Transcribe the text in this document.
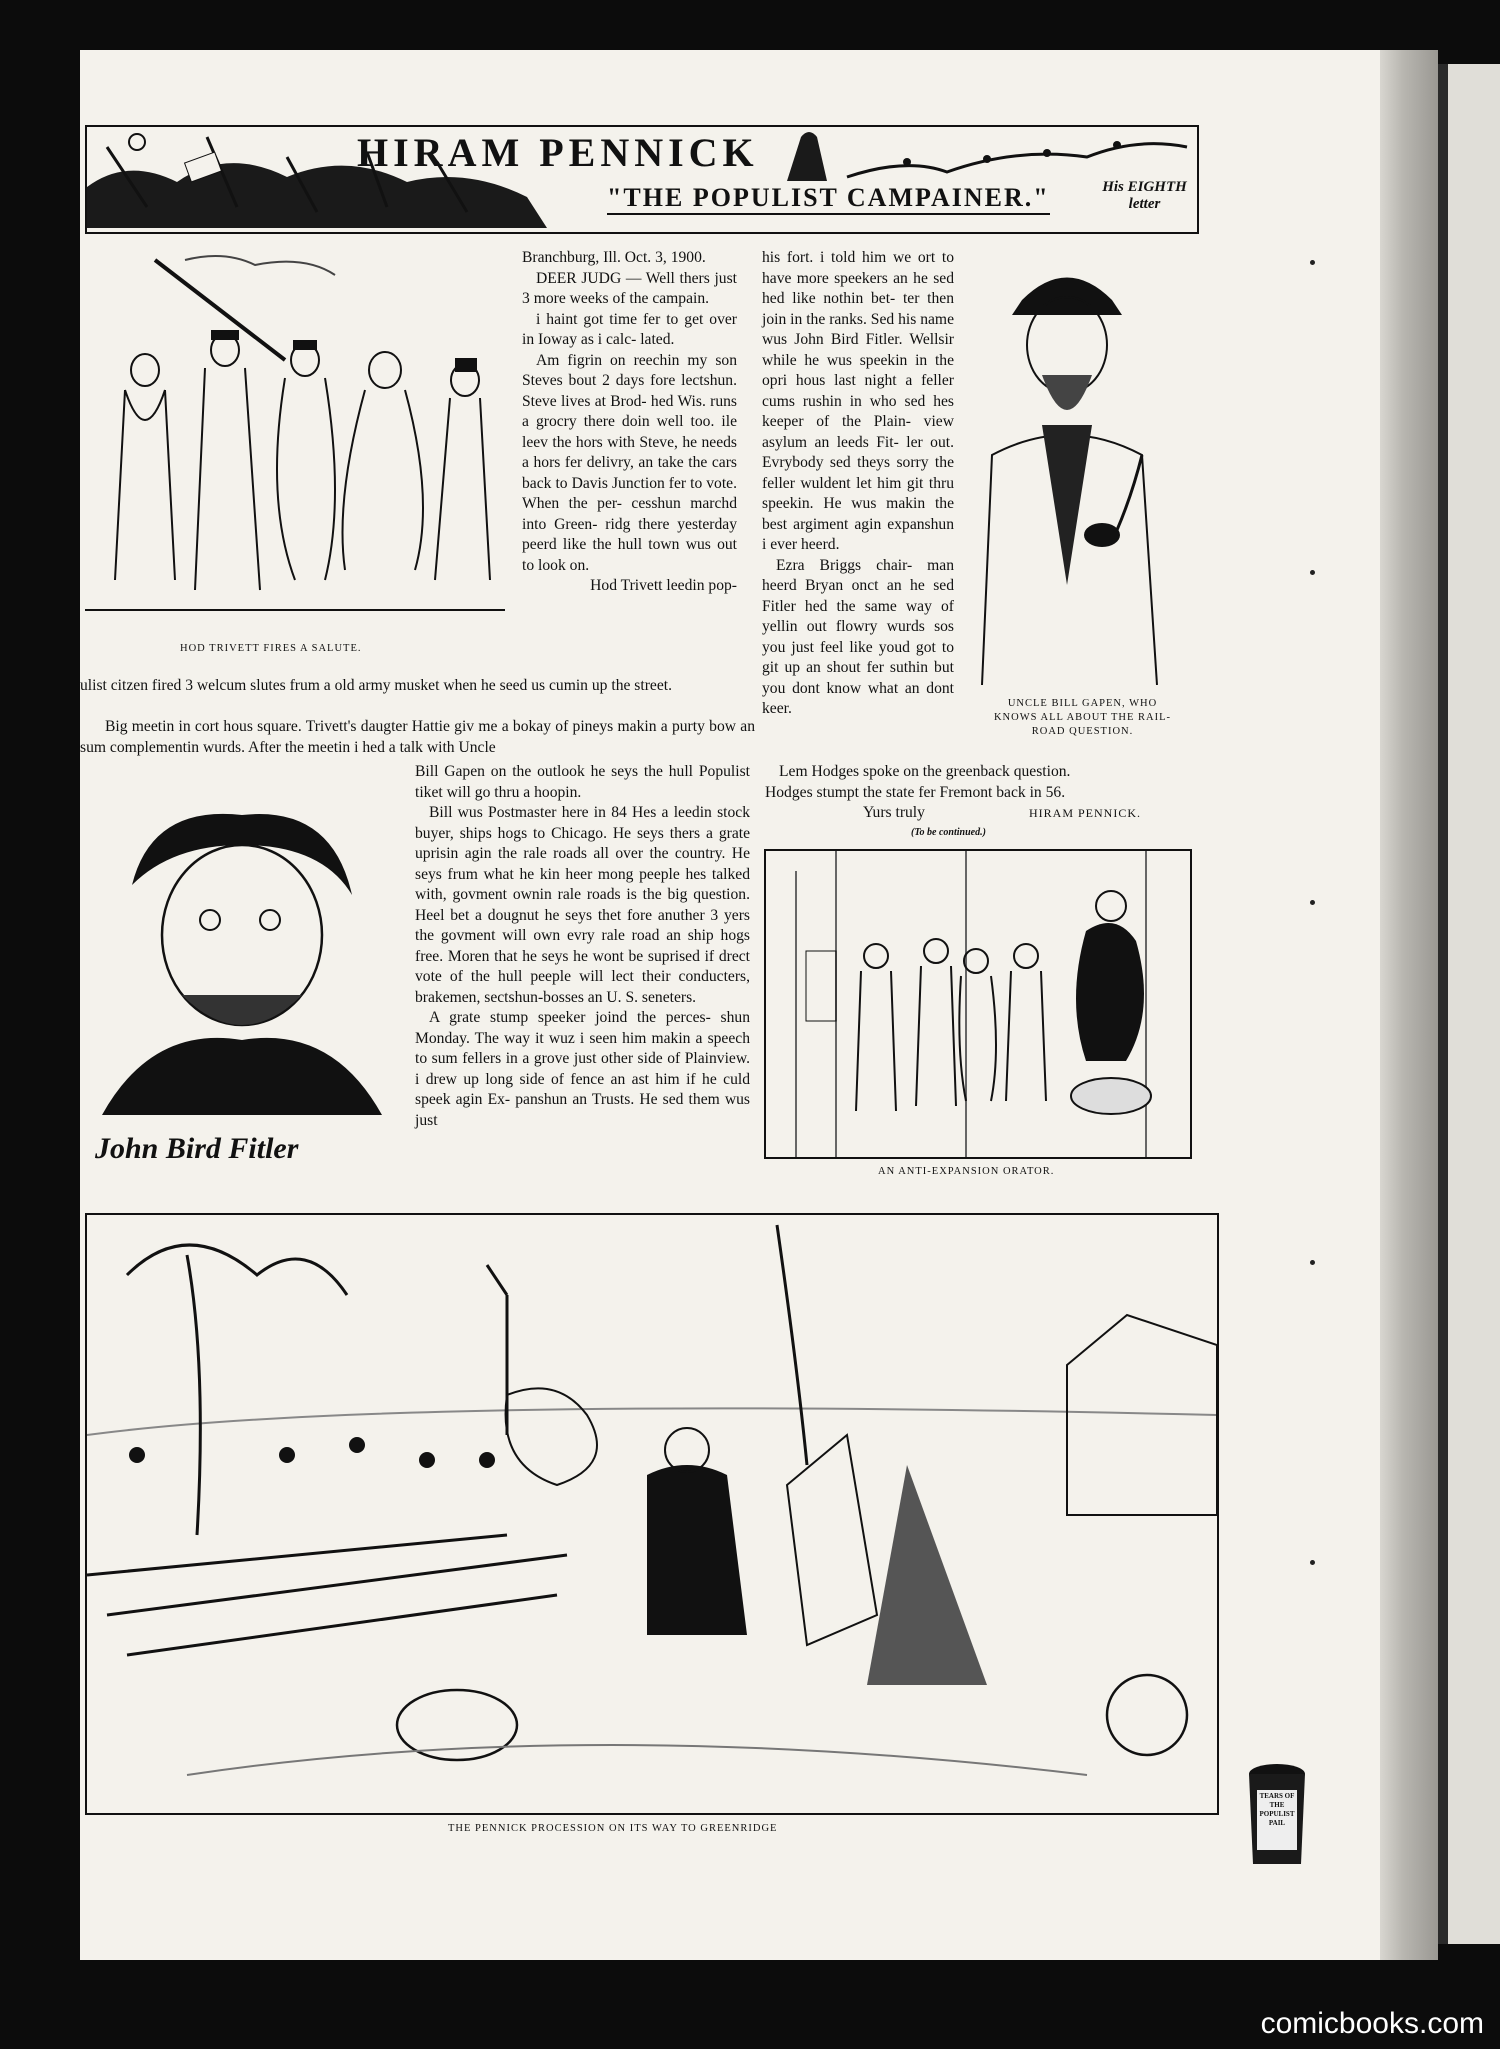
HIRAM PENNICK
"THE POPULIST CAMPAINER."	His EIGHTH letter
HOD TRIVETT FIRES A SALUTE.

Branchburg, Ill. Oct. 3, 1900.

DEER JUDG — Well thers just 3 more weeks of the campain.

i haint got time fer to get over in Ioway as i calc- lated.

Am figrin on reechin my son Steves bout 2 days fore lectshun. Steve lives at Brod- hed Wis. runs a grocry there doin well too. ile leev the hors with Steve, he needs a hors fer delivry, an take the cars back to Davis Junction fer to vote. When the per- cesshun marchd into Green- ridg there yesterday peerd like the hull town wus out to look on.

Hod Trivett leedin pop-

his fort. i told him we ort to have more speekers an he sed hed like nothin bet- ter then join in the ranks. Sed his name wus John Bird Fitler. Wellsir while he wus speekin in the opri hous last night a feller cums rushin in who sed hes keeper of the Plain- view asylum an leeds Fit- ler out. Evrybody sed theys sorry the feller wuldent let him git thru speekin. He wus makin the best argiment agin expanshun i ever heerd.

Ezra Briggs chair- man heerd Bryan onct an he sed Fitler hed the same way of yellin out flowry wurds sos you just feel like youd got to git up an shout fer suthin but you dont know what an dont keer.	UNCLE BILL GAPEN, WHO KNOWS ALL ABOUT THE RAIL- ROAD QUESTION.

ulist citzen fired 3 welcum slutes frum a old army musket when he seed us cumin up the street.

Big meetin in cort hous square. Trivett's daugter Hattie giv me a bokay of pineys makin a purty bow an sum complementin wurds. After the meetin i hed a talk with Uncle

Lem Hodges spoke on the greenback question.

Hodges stumpt the state fer Fremont back in 56.

Yurs truly	HIRAM PENNICK.
(To be continued.)

Bill Gapen on the outlook he seys the hull Populist tiket will go thru a hoopin.

Bill wus Postmaster here in 84 Hes a leedin stock buyer, ships hogs to Chicago. He seys thers a grate uprisin agin the rale roads all over the country. He seys frum what he kin heer mong peeple hes talked with, govment ownin rale roads is the big question. Heel bet a dougnut he seys thet fore anuther 3 yers the govment will own evry rale road an ship hogs free. Moren that he seys he wont be suprised if drect vote of the hull peeple will lect their conducters, brakemen, sectshun-bosses an U. S. seneters.

A grate stump speeker joind the perces- shun Monday. The way it wuz i seen him makin a speech to sum fellers in a grove just other side of Plainview. i drew up long side of fence an ast him if he culd speek agin Ex- panshun an Trusts. He sed them wus just

John Bird Fitler
AN ANTI-EXPANSION ORATOR.
THE PENNICK PROCESSION ON ITS WAY TO GREENRIDGE
TEARS OF THE POPULIST PAIL
comicbooks.com
